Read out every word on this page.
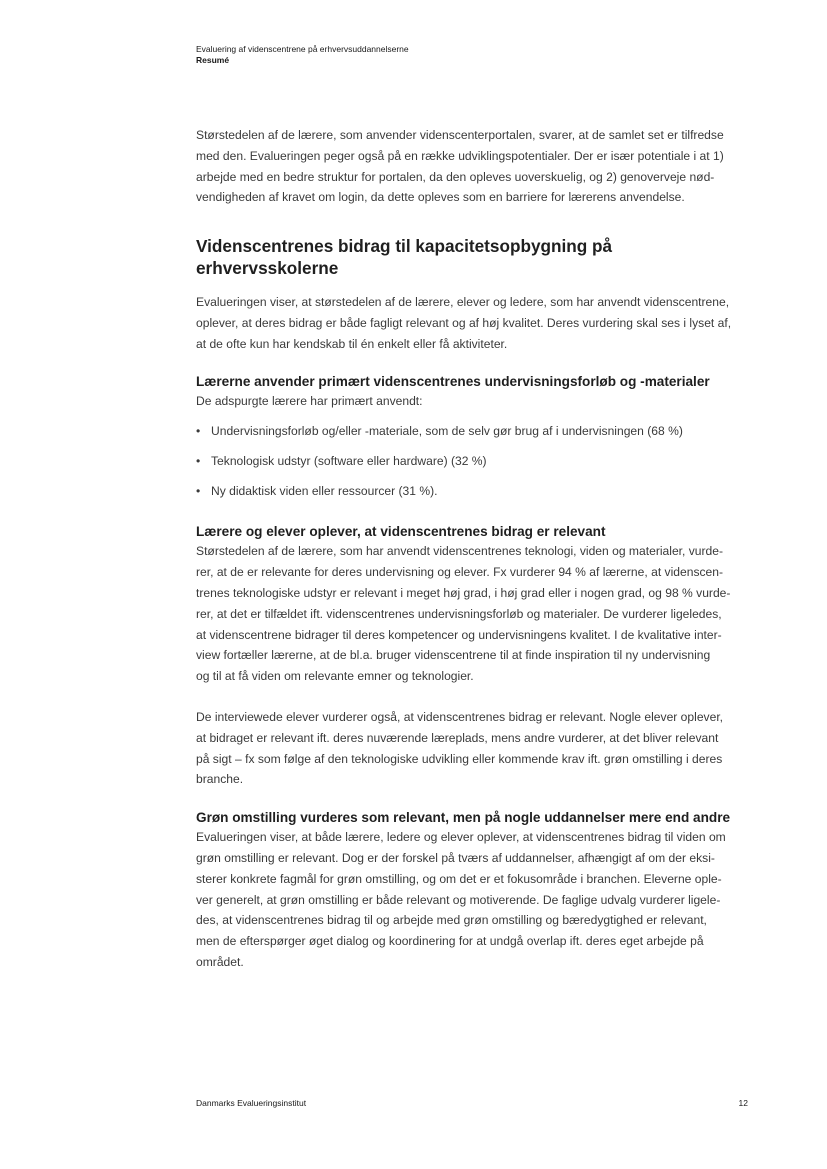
Evaluering af videnscentrene på erhvervsuddannelserne
Resumé

Størstedelen af de lærere, som anvender videnscenterportalen, svarer, at de samlet set er tilfredse
med den. Evalueringen peger også på en række udviklingspotentialer. Der er især potentiale i at 1)
arbejde med en bedre struktur for portalen, da den opleves uoverskuelig, og 2) genoverveje nød-
vendigheden af kravet om login, da dette opleves som en barriere for lærerens anvendelse.

Videnscentrenes bidrag til kapacitetsopbygning på erhvervsskolerne

Evalueringen viser, at størstedelen af de lærere, elever og ledere, som har anvendt videnscentrene,
oplever, at deres bidrag er både fagligt relevant og af høj kvalitet. Deres vurdering skal ses i lyset af,
at de ofte kun har kendskab til én enkelt eller få aktiviteter.

Lærerne anvender primært videnscentrenes undervisningsforløb og -materialer

De adspurgte lærere har primært anvendt:

• Undervisningsforløb og/eller -materiale, som de selv gør brug af i undervisningen (68 %)
• Teknologisk udstyr (software eller hardware) (32 %)
• Ny didaktisk viden eller ressourcer (31 %).
Lærere og elever oplever, at videnscentrenes bidrag er relevant

Størstedelen af de lærere, som har anvendt videnscentrenes teknologi, viden og materialer, vurde-
rer, at de er relevante for deres undervisning og elever. Fx vurderer 94 % af lærerne, at videnscen-
trenes teknologiske udstyr er relevant i meget høj grad, i høj grad eller i nogen grad, og 98 % vurde-
rer, at det er tilfældet ift. videnscentrenes undervisningsforløb og materialer. De vurderer ligeledes,
at videnscentrene bidrager til deres kompetencer og undervisningens kvalitet. I de kvalitative inter-
view fortæller lærerne, at de bl.a. bruger videnscentrene til at finde inspiration til ny undervisning
og til at få viden om relevante emner og teknologier.

De interviewede elever vurderer også, at videnscentrenes bidrag er relevant. Nogle elever oplever,
at bidraget er relevant ift. deres nuværende læreplads, mens andre vurderer, at det bliver relevant
på sigt – fx som følge af den teknologiske udvikling eller kommende krav ift. grøn omstilling i deres
branche.

Grøn omstilling vurderes som relevant, men på nogle uddannelser mere end andre

Evalueringen viser, at både lærere, ledere og elever oplever, at videnscentrenes bidrag til viden om
grøn omstilling er relevant. Dog er der forskel på tværs af uddannelser, afhængigt af om der eksi-
sterer konkrete fagmål for grøn omstilling, og om det er et fokusområde i branchen. Eleverne ople-
ver generelt, at grøn omstilling er både relevant og motiverende. De faglige udvalg vurderer ligele-
des, at videnscentrenes bidrag til og arbejde med grøn omstilling og bæredygtighed er relevant,
men de efterspørger øget dialog og koordinering for at undgå overlap ift. deres eget arbejde på
området.

Danmarks Evalueringsinstitut	12
